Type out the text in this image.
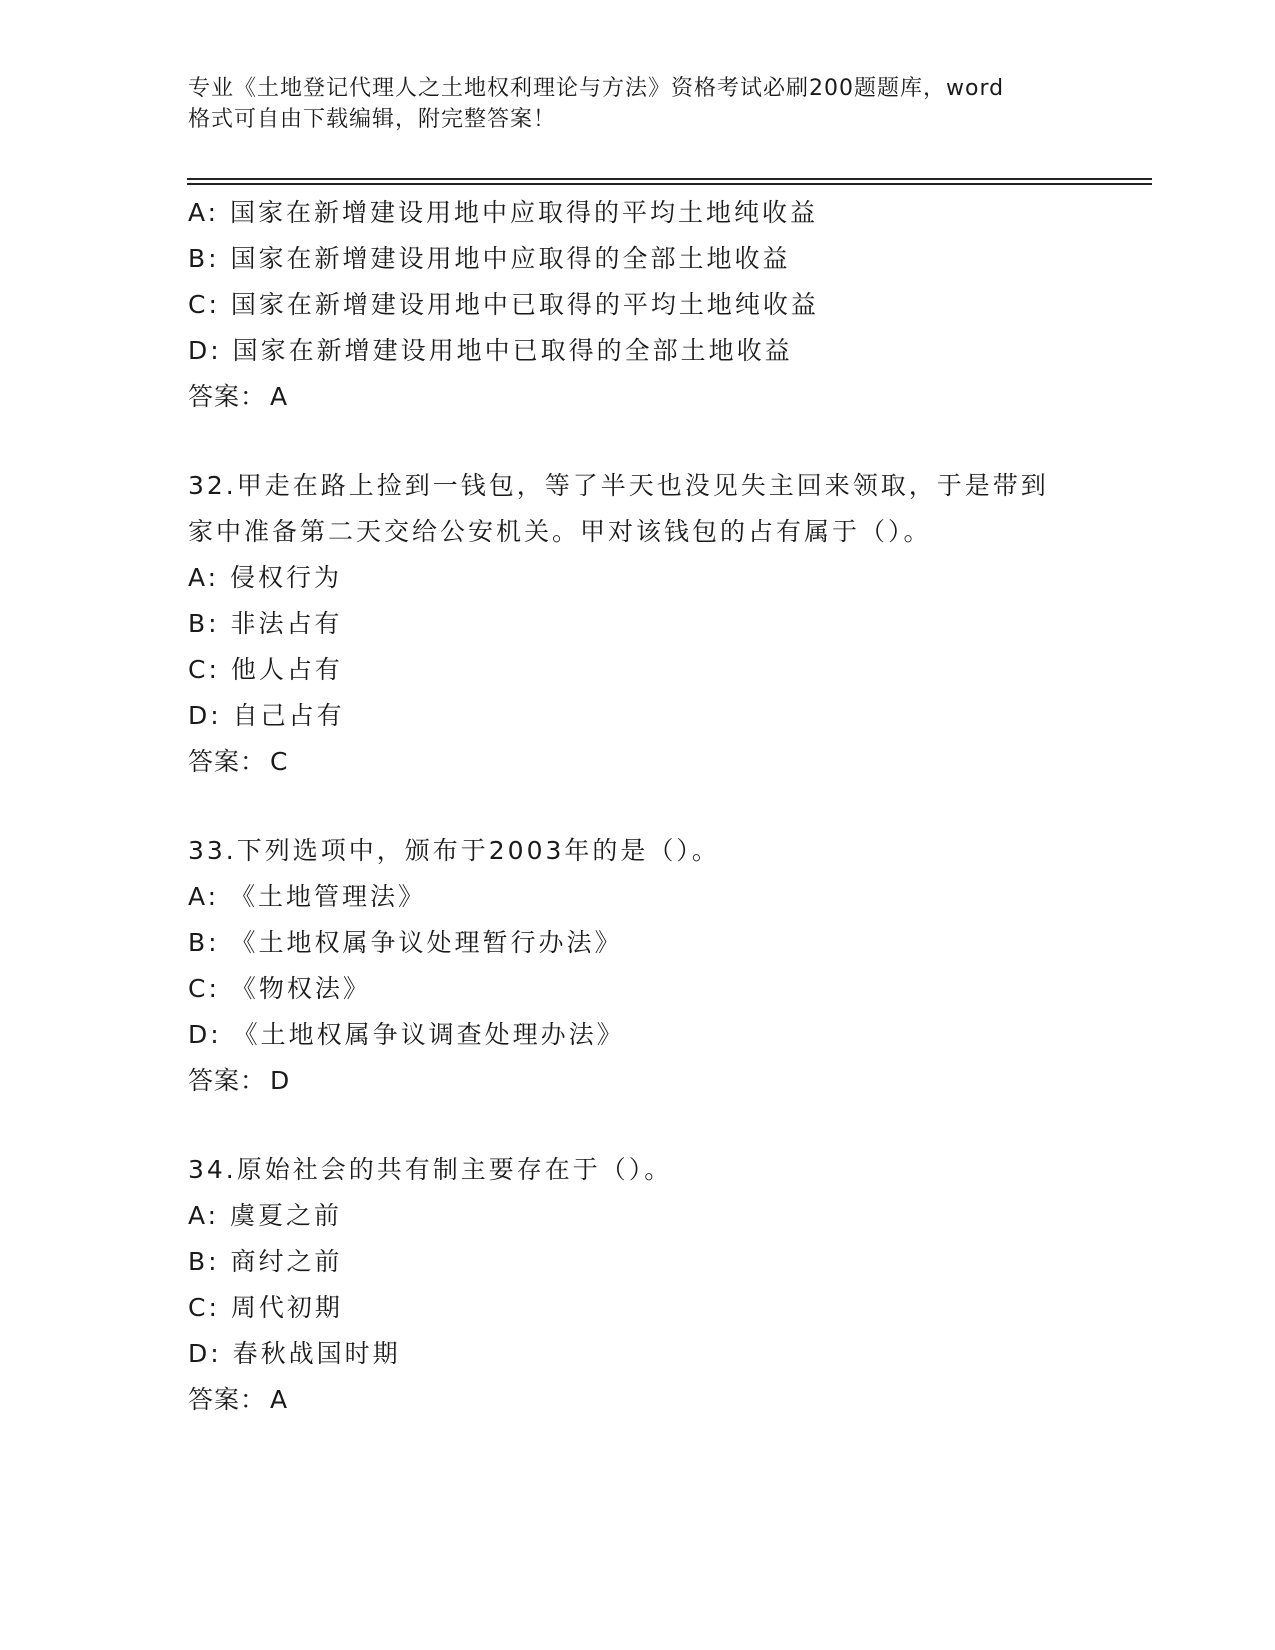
专业《土地登记代理人之土地权利理论与方法》资格考试必刷200题题库，word
格式可自由下载编辑，附完整答案！
A: 国家在新增建设用地中应取得的平均土地纯收益
B: 国家在新增建设用地中应取得的全部土地收益
C: 国家在新增建设用地中已取得的平均土地纯收益
D: 国家在新增建设用地中已取得的全部土地收益
答案： A
32.甲走在路上捡到一钱包，等了半天也没见失主回来领取，于是带到
家中准备第二天交给公安机关。甲对该钱包的占有属于（）。
A: 侵权行为
B: 非法占有
C: 他人占有
D: 自己占有
答案： C
33.下列选项中，颁布于2003年的是（）。
A: 《土地管理法》
B: 《土地权属争议处理暂行办法》
C: 《物权法》
D: 《土地权属争议调查处理办法》
答案： D
34.原始社会的共有制主要存在于（）。
A: 虞夏之前
B: 商纣之前
C: 周代初期
D: 春秋战国时期
答案： A
